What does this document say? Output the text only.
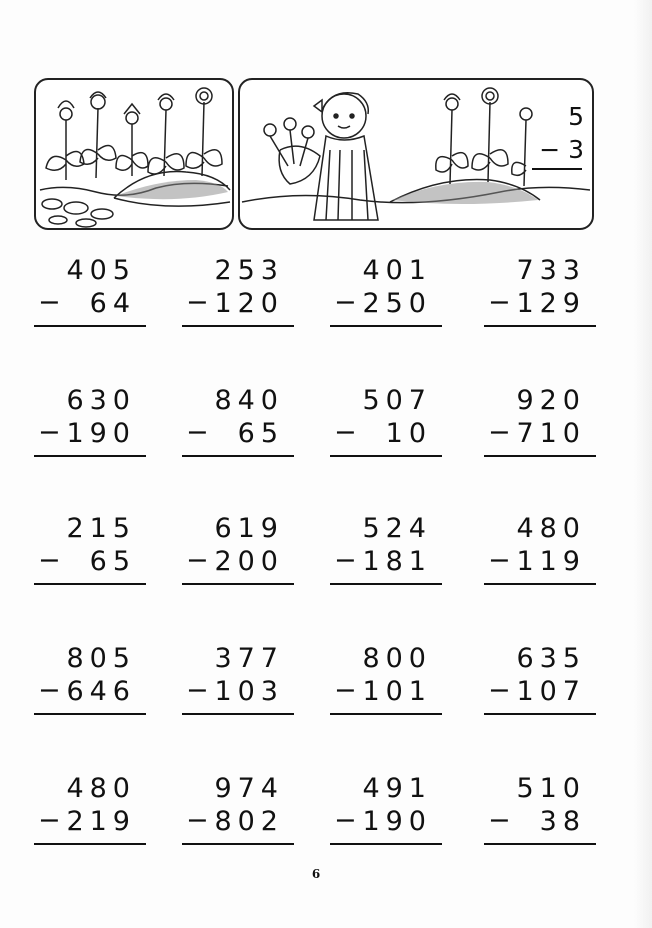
5
− 3
405
− 64
253
− 120
401
− 250
733
− 129
630
− 190
840
− 65
507
− 10
920
− 710
215
− 65
619
− 200
524
− 181
480
− 119
805
− 646
377
− 103
800
− 101
635
− 107
480
− 219
974
− 802
491
− 190
510
− 38
6
